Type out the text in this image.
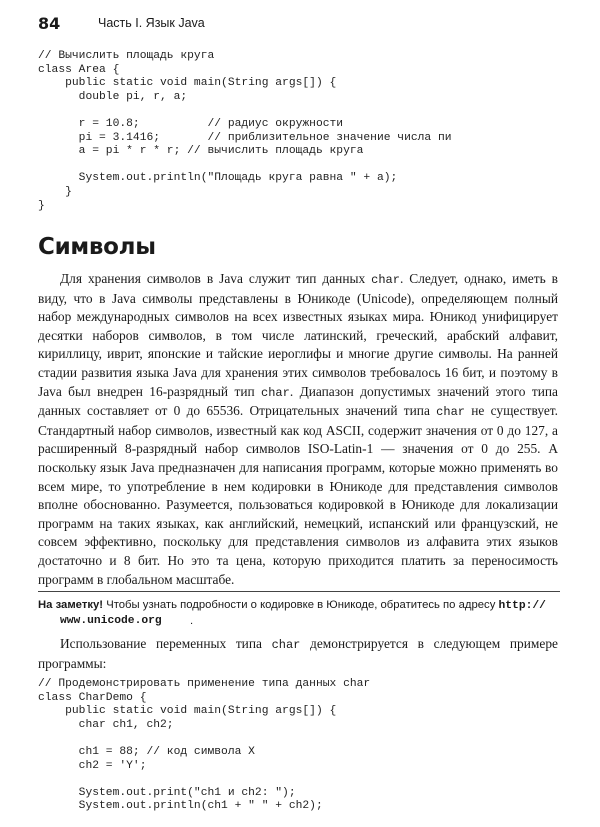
84	Часть I. Язык Java
// Вычислить площадь круга
class Area {
public static void main(String args[]) {
double pi, r, a;

r = 10.8;          // радиус окружности
pi = 3.1416;       // приблизительное значение числа пи
a = pi * r * r; // вычислить площадь круга

System.out.println("Площадь круга равна " + a);
}
}
Символы

Для хранения символов в Java служит тип данных char. Следует, однако, иметь в виду, что в Java символы представлены в Юникоде (Unicode), определяющем полный набор международных символов на всех известных языках мира. Юникод унифицирует десятки наборов символов, в том числе латинский, греческий, арабский алфавит, кириллицу, иврит, японские и тайские иероглифы и многие другие символы. На ранней стадии развития языка Java для хранения этих символов требовалось 16 бит, и поэтому в Java был внедрен 16-разрядный тип char. Диапазон допустимых значений этого типа данных составляет от 0 до 65536. Отрицательных значений типа char не существует. Стандартный набор символов, известный как код ASCII, содержит значения от 0 до 127, а расширенный 8-разрядный набор символов ISO-Latin-1 — значения от 0 до 255. А поскольку язык Java предназначен для написания программ, которые можно применять во всем мире, то употребление в нем кодировки в Юникоде для представления символов вполне обоснованно. Разумеется, пользоваться кодировкой в Юникоде для локализации программ на таких языках, как английский, немецкий, испанский или французский, не совсем эффективно, поскольку для представления символов из алфавита этих языков достаточно и 8 бит. Но это та цена, которую приходится платить за переносимость программ в глобальном масштабе.

На заметку! Чтобы узнать подробности о кодировке в Юникоде, обратитесь по адресу http://
www.unicode.org	.

Использование переменных типа char демонстрируется в следующем примере программы:

// Продемонстрировать применение типа данных char
class CharDemo {
public static void main(String args[]) {
char ch1, ch2;

ch1 = 88; // код символа X
ch2 = 'Y';

System.out.print("ch1 и ch2: ");
System.out.println(ch1 + " " + ch2);
